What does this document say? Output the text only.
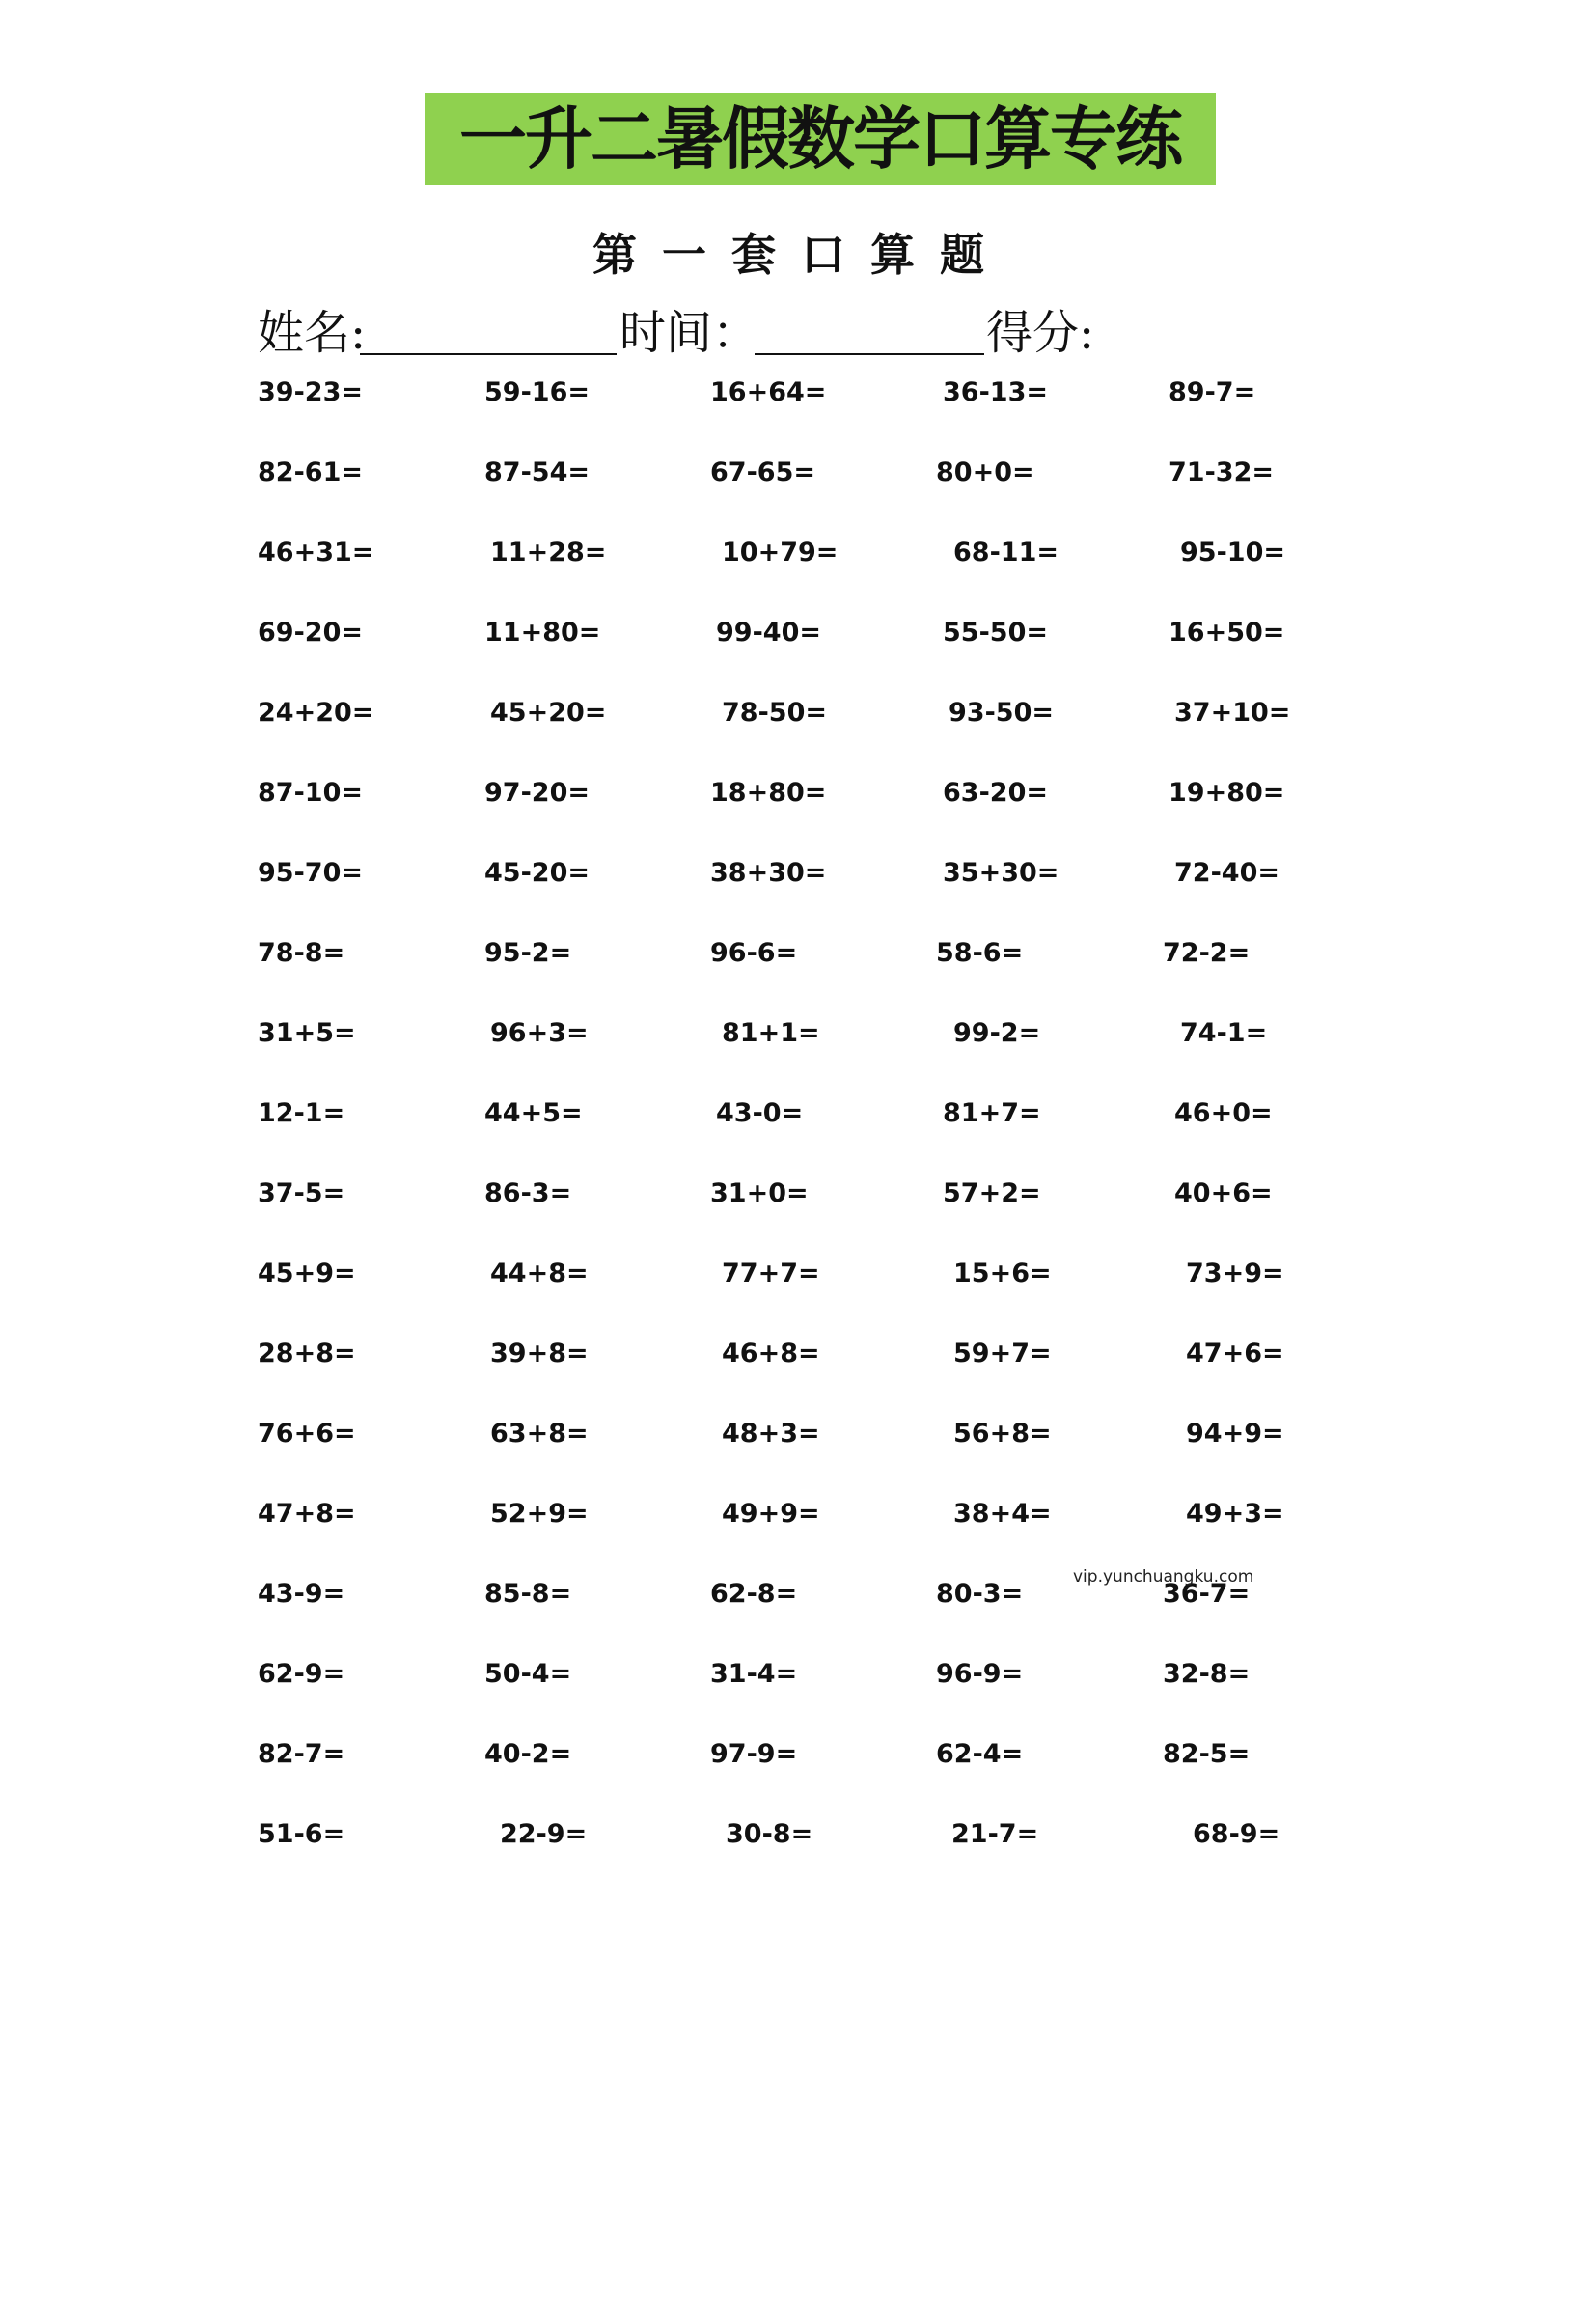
一升二暑假数学口算专练
第一套口算题
姓名:	时间：	得分:
39-23=	59-16=	16+64=	36-13=	89-7=
82-61=	87-54=	67-65=	80+0=	71-32=
46+31=	11+28=	10+79=	68-11=	95-10=
69-20=	11+80=	99-40=	55-50=	16+50=
24+20=	45+20=	78-50=	93-50=	37+10=
87-10=	97-20=	18+80=	63-20=	19+80=
95-70=	45-20=	38+30=	35+30=	72-40=
78-8=	95-2=	96-6=	58-6=	72-2=
31+5=	96+3=	81+1=	99-2=	74-1=
12-1=	44+5=	43-0=	81+7=	46+0=
37-5=	86-3=	31+0=	57+2=	40+6=
45+9=	44+8=	77+7=	15+6=	73+9=
28+8=	39+8=	46+8=	59+7=	47+6=
76+6=	63+8=	48+3=	56+8=	94+9=
47+8=	52+9=	49+9=	38+4=	49+3=
43-9=	85-8=	62-8=	80-3=	36-7=
62-9=	50-4=	31-4=	96-9=	32-8=
82-7=	40-2=	97-9=	62-4=	82-5=
51-6=	22-9=	30-8=	21-7=	68-9=
vip.yunchuangku.com
